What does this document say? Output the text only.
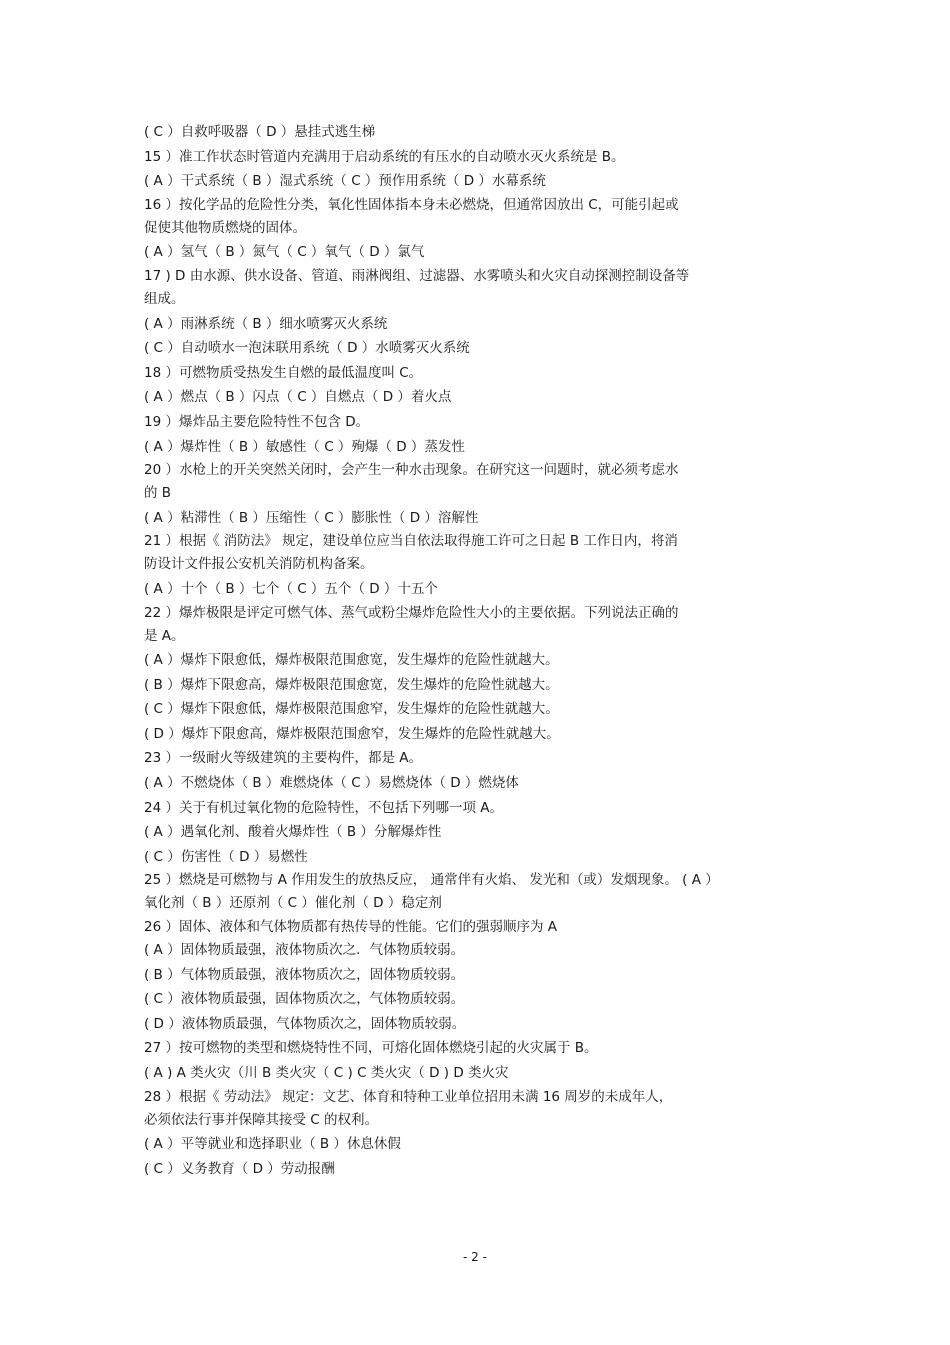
( C ）自救呼吸器（ D ）悬挂式逃生梯
15 ）准工作状态时管道内充满用于启动系统的有压水的自动喷水灭火系统是 B。
( A ）干式系统（ B ）湿式系统（ C ）预作用系统（ D ）水幕系统
16 ）按化学品的危险性分类，氧化性固体指本身未必燃烧，但通常因放出 C，可能引起或
促使其他物质燃烧的固体。
( A ）氢气（ B ）氮气（ C ）氧气（ D ）氯气
17 ) D 由水源、供水设备、管道、雨淋阀组、过滤器、水雾喷头和火灾自动探测控制设备等
组成。
( A ）雨淋系统（ B ）细水喷雾灭火系统
( C ）自动喷水一泡沫联用系统（ D ）水喷雾灭火系统
18 ）可燃物质受热发生自燃的最低温度叫 C。
( A ）燃点（ B ）闪点（ C ）自燃点（ D ）着火点
19 ）爆炸品主要危险特性不包含 D。
( A ）爆炸性（ B ）敏感性（ C ）殉爆（ D ）蒸发性
20 ）水枪上的开关突然关闭时，会产生一种水击现象。在研究这一问题时，就必须考虑水
的 B
( A ）粘滞性（ B ）压缩性（ C ）膨胀性（ D ）溶解性
21 ）根据《 消防法》 规定，建设单位应当自依法取得施工许可之日起 B 工作日内，将消
防设计文件报公安机关消防机构备案。
( A ）十个（ B ）七个（ C ）五个（ D ）十五个
22 ）爆炸极限是评定可燃气体、蒸气或粉尘爆炸危险性大小的主要依据。下列说法正确的
是 A。
( A ）爆炸下限愈低，爆炸极限范围愈宽，发生爆炸的危险性就越大。
( B ）爆炸下限愈高，爆炸极限范围愈宽，发生爆炸的危险性就越大。
( C ）爆炸下限愈低，爆炸极限范围愈窄，发生爆炸的危险性就越大。
( D ）爆炸下限愈高，爆炸极限范围愈窄，发生爆炸的危险性就越大。
23 ）一级耐火等级建筑的主要构件，都是 A。
( A ）不燃烧体（ B ）难燃烧体（ C ）易燃烧体（ D ）燃烧体
24 ）关于有机过氧化物的危险特性，不包括下列哪一项 A。
( A ）遇氧化剂、酸着火爆炸性（ B ）分解爆炸性
( C ）伤害性（ D ）易燃性
25 ）燃烧是可燃物与 A 作用发生的放热反应， 通常伴有火焰、 发光和（或）发烟现象。 ( A ）
氧化剂（ B ）还原剂（ C ）催化剂（ D ）稳定剂
26 ）固体、液体和气体物质都有热传导的性能。它们的强弱顺序为 A
( A ）固体物质最强，液体物质次之．气体物质较弱。
( B ）气体物质最强，液体物质次之，固体物质较弱。
( C ）液体物质最强，固体物质次之，气体物质较弱。
( D ）液体物质最强，气体物质次之，固体物质较弱。
27 ）按可燃物的类型和燃烧特性不同，可熔化固体燃烧引起的火灾属于 B。
( A ) A 类火灾（川 B 类火灾（ C ) C 类火灾（ D ) D 类火灾
28 ）根据《 劳动法》 规定：文艺、体育和特种工业单位招用未满 16 周岁的未成年人，
必须依法行事并保障其接受 C 的权利。
( A ）平等就业和选择职业（ B ）休息休假
( C ）义务教育（ D ）劳动报酬
- 2 -
